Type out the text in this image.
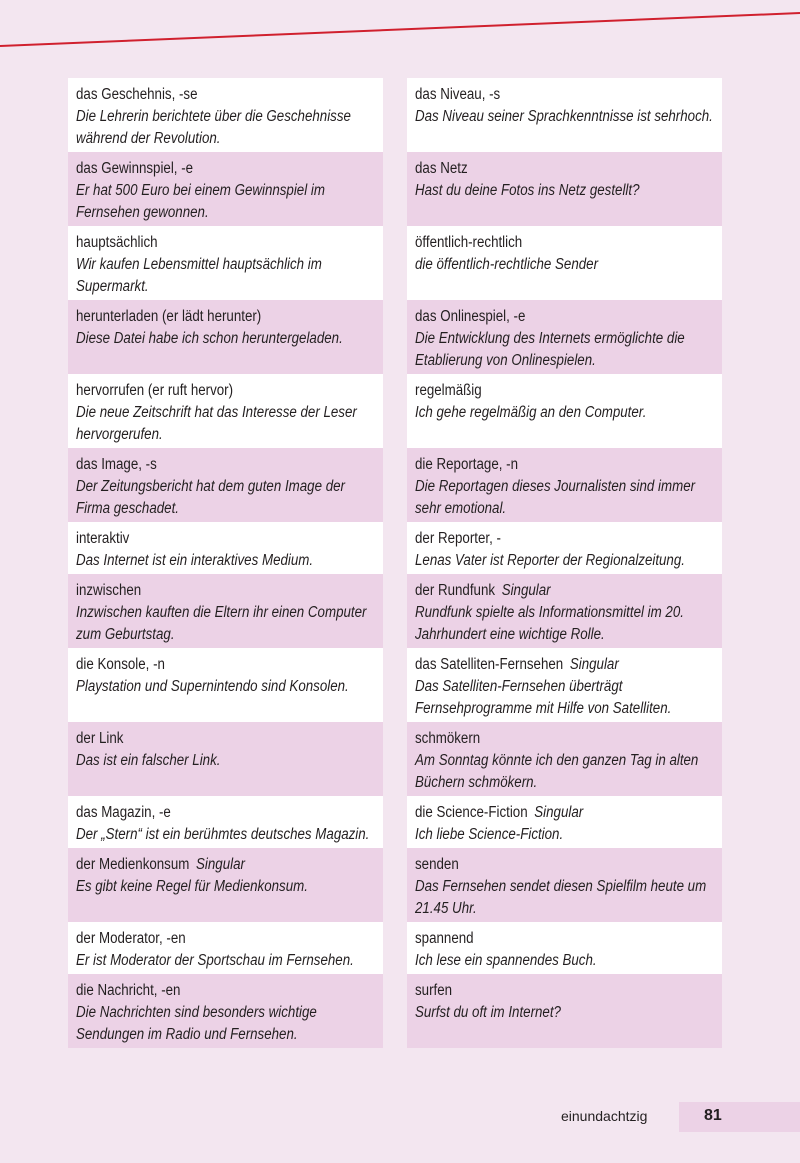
das Geschehnis, -se
Die Lehrerin berichtete über die Geschehnisse während der Revolution.
das Gewinnspiel, -e
Er hat 500 Euro bei einem Gewinnspiel im Fernsehen gewonnen.
hauptsächlich
Wir kaufen Lebensmittel hauptsächlich im Supermarkt.
herunterladen (er lädt herunter)
Diese Datei habe ich schon heruntergeladen.
hervorrufen (er ruft hervor)
Die neue Zeitschrift hat das Interesse der Leser hervorgerufen.
das Image, -s
Der Zeitungsbericht hat dem guten Image der Firma geschadet.
interaktiv
Das Internet ist ein interaktives Medium.
inzwischen
Inzwischen kauften die Eltern ihr einen Computer zum Geburtstag.
die Konsole, -n
Playstation und Supernintendo sind Konsolen.
der Link
Das ist ein falscher Link.
das Magazin, -e
Der „Stern“ ist ein berühmtes deutsches Magazin.
der Medienkonsum  Singular
Es gibt keine Regel für Medienkonsum.
der Moderator, -en
Er ist Moderator der Sportschau im Fernsehen.
die Nachricht, -en
Die Nachrichten sind besonders wichtige Sendungen im Radio und Fernsehen.
das Niveau, -s
Das Niveau seiner Sprachkenntnisse ist sehrhoch.
das Netz
Hast du deine Fotos ins Netz gestellt?
öffentlich-rechtlich
die öffentlich-rechtliche Sender
das Onlinespiel, -e
Die Entwicklung des Internets ermöglichte die Etablierung von Onlinespielen.
regelmäßig
Ich gehe regelmäßig an den Computer.
die Reportage, -n
Die Reportagen dieses Journalisten sind immer sehr emotional.
der Reporter, -
Lenas Vater ist Reporter der Regionalzeitung.
der Rundfunk  Singular
Rundfunk spielte als Informationsmittel im 20. Jahrhundert eine wichtige Rolle.
das Satelliten-Fernsehen  Singular
Das Satelliten-Fernsehen überträgt Fernsehprogramme mit Hilfe von Satelliten.
schmökern
Am Sonntag könnte ich den ganzen Tag in alten Büchern schmökern.
die Science-Fiction  Singular
Ich liebe Science-Fiction.
senden
Das Fernsehen sendet diesen Spielfilm heute um 21.45 Uhr.
spannend
Ich lese ein spannendes Buch.
surfen
Surfst du oft im Internet?
einundachtzig	81
